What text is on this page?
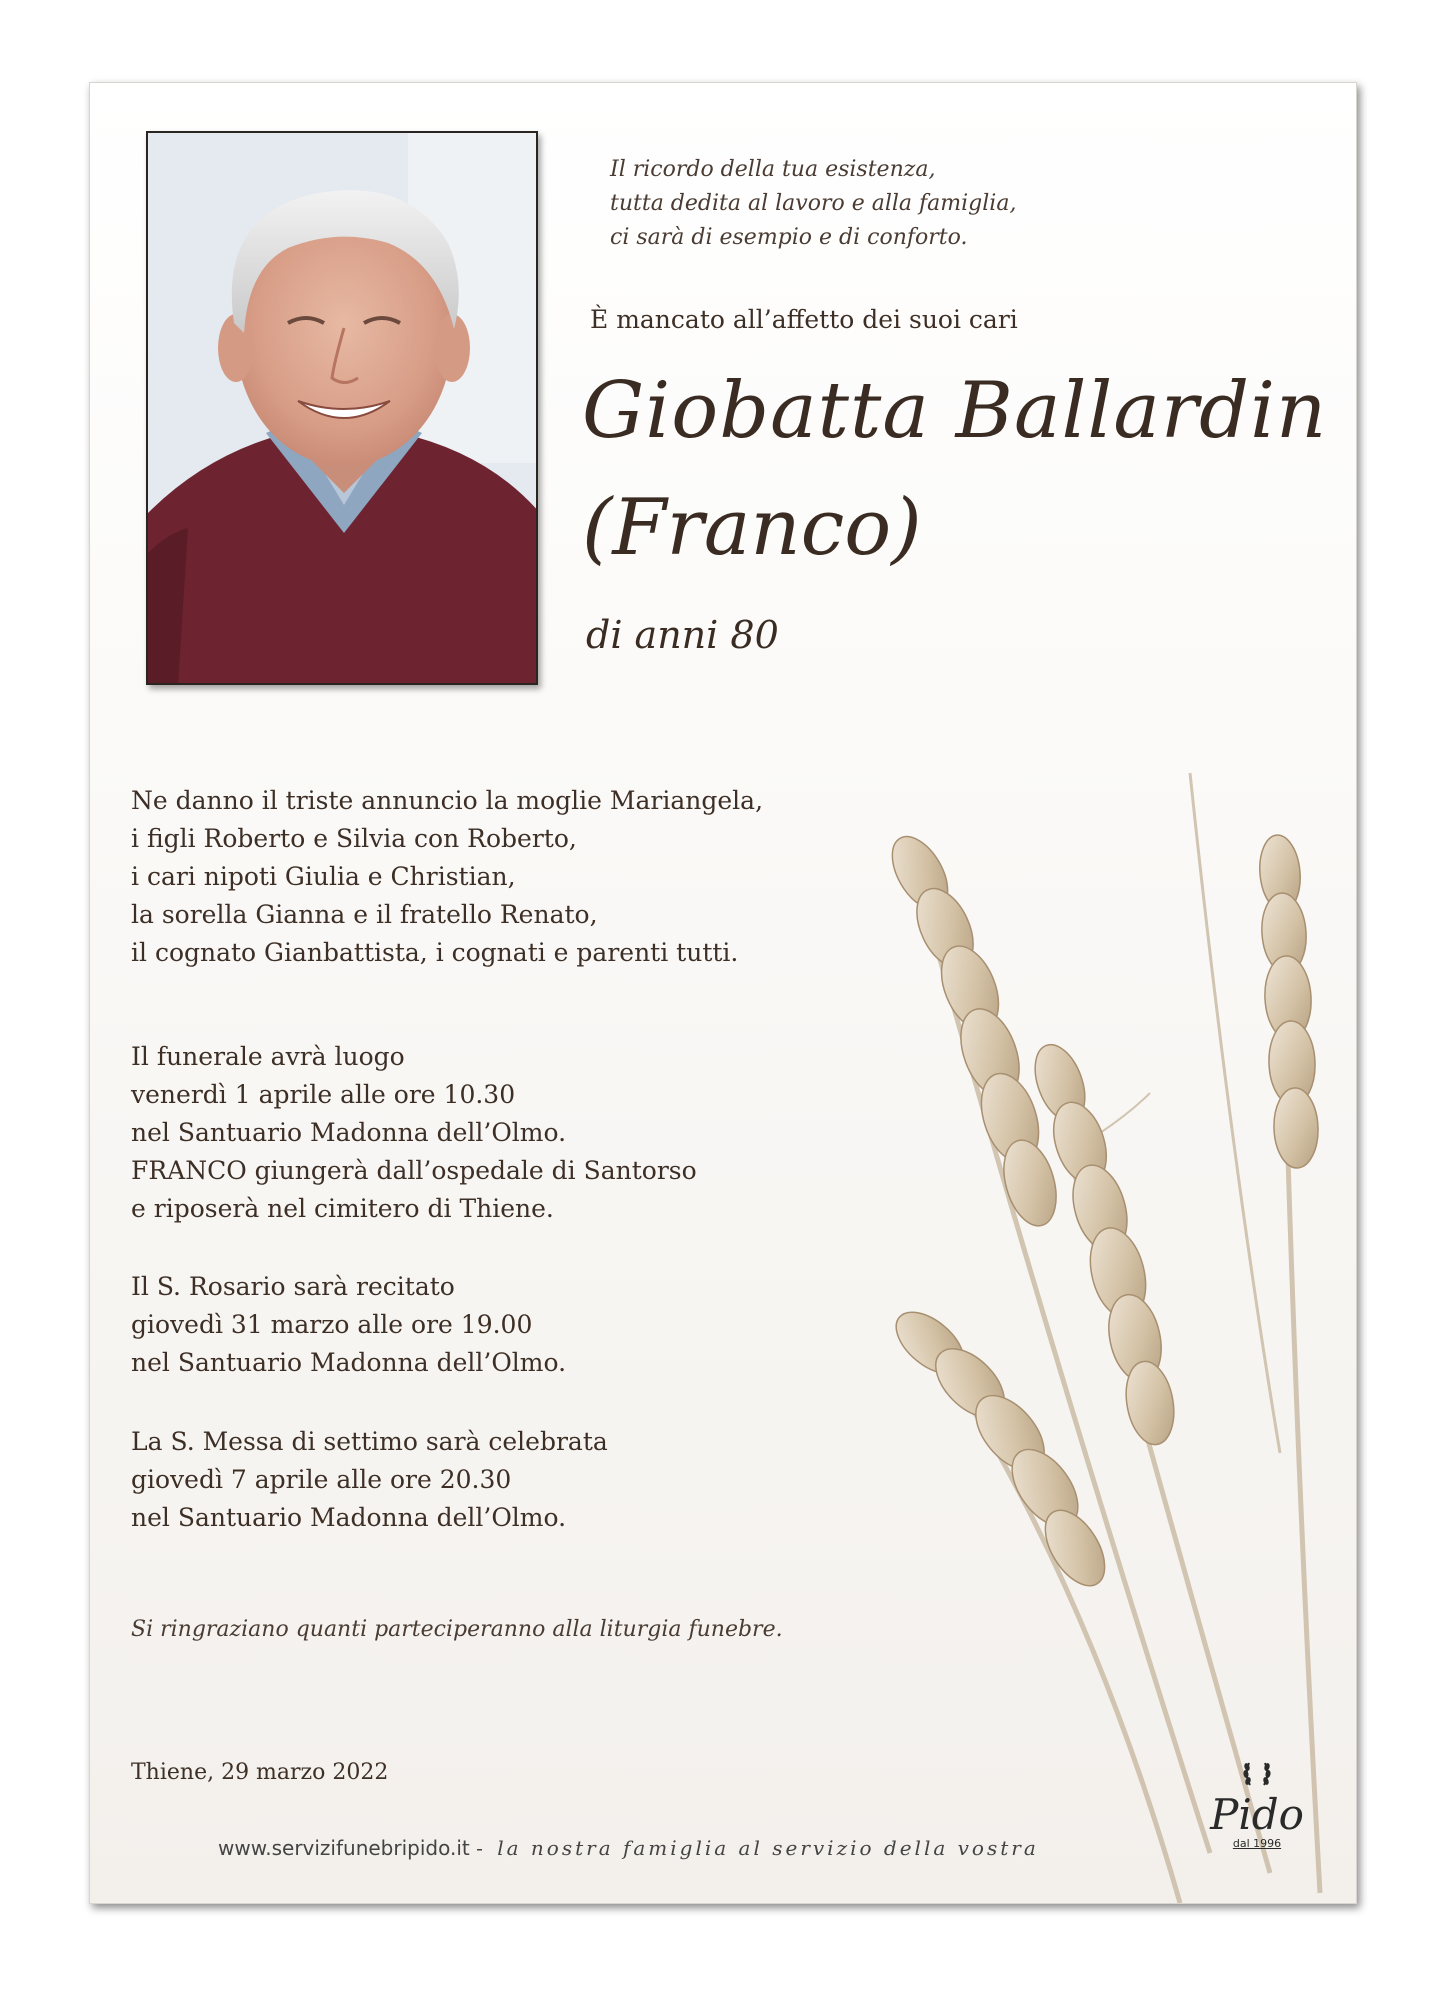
Il ricordo della tua esistenza,
tutta dedita al lavoro e alla famiglia,
ci sarà di esempio e di conforto.
È mancato all’affetto dei suoi cari
Giobatta Ballardin
(Franco)
di anni 80
Ne danno il triste annuncio la moglie Mariangela,
i figli Roberto e Silvia con Roberto,
i cari nipoti Giulia e Christian,
la sorella Gianna e il fratello Renato,
il cognato Gianbattista, i cognati e parenti tutti.
Il funerale avrà luogo
venerdì 1 aprile alle ore 10.30
nel Santuario Madonna dell’Olmo.
FRANCO giungerà dall’ospedale di Santorso
e riposerà nel cimitero di Thiene.
Il S. Rosario sarà recitato
giovedì 31 marzo alle ore 19.00
nel Santuario Madonna dell’Olmo.
La S. Messa di settimo sarà celebrata
giovedì 7 aprile alle ore 20.30
nel Santuario Madonna dell’Olmo.
Si ringraziano quanti parteciperanno alla liturgia funebre.
Thiene, 29 marzo 2022
Pido
dal 1996
www.servizifunebripido.it - la nostra famiglia al servizio della vostra
